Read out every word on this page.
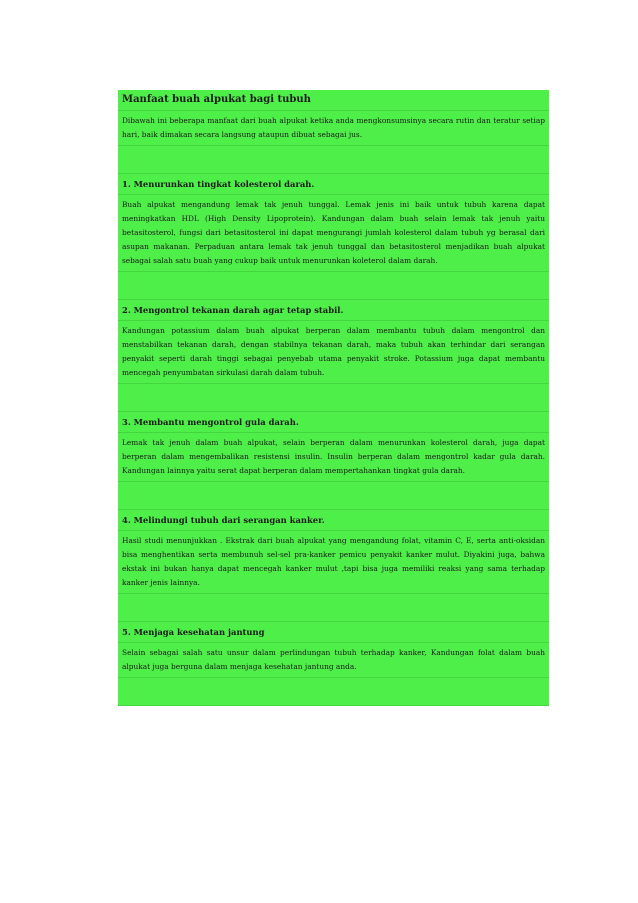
Manfaat buah alpukat bagi tubuh
Dibawah ini beberapa manfaat dari buah alpukat ketika anda mengkonsumsinya secara rutin dan teratur setiap hari, baik dimakan secara langsung ataupun dibuat sebagai jus.
1. Menurunkan tingkat kolesterol darah.
Buah alpukat mengandung lemak tak jenuh tunggal. Lemak jenis ini baik untuk tubuh karena dapat meningkatkan HDL (High Density Lipoprotein). Kandungan dalam buah selain lemak tak jenuh yaitu betasitosterol, fungsi dari betasitosterol ini dapat mengurangi jumlah kolesterol dalam tubuh yg berasal dari asupan makanan. Perpaduan antara lemak tak jenuh tunggal dan betasitosterol menjadikan buah alpukat sebagai salah satu buah yang cukup baik untuk menurunkan koleterol dalam darah.
2. Mengontrol tekanan darah agar tetap stabil.
Kandungan potassium dalam buah alpukat berperan dalam membantu tubuh dalam mengontrol dan menstabilkan tekanan darah, dengan stabilnya tekanan darah, maka tubuh akan terhindar dari serangan penyakit seperti darah tinggi sebagai penyebab utama penyakit stroke. Potassium juga dapat membantu mencegah penyumbatan sirkulasi darah dalam tubuh.
3. Membantu mengontrol gula darah.
Lemak tak jenuh dalam buah alpukat, selain berperan dalam menurunkan kolesterol darah, juga dapat berperan dalam mengembalikan resistensi insulin. Insulin berperan dalam mengontrol kadar gula darah. Kandungan lainnya yaitu serat dapat berperan dalam mempertahankan tingkat gula darah.
4. Melindungi tubuh dari serangan kanker.
Hasil studi menunjukkan . Ekstrak dari buah alpukat yang mengandung folat, vitamin C, E, serta anti-oksidan bisa menghentikan serta membunuh sel-sel pra-kanker pemicu penyakit kanker mulut. Diyakini juga, bahwa ekstak ini bukan hanya dapat mencegah kanker mulut ,tapi bisa juga memiliki reaksi yang sama terhadap kanker jenis lainnya.
5. Menjaga kesehatan jantung
Selain sebagai salah satu unsur dalam perlindungan tubuh terhadap kanker, Kandungan folat dalam buah alpukat juga berguna dalam menjaga kesehatan jantung anda.
